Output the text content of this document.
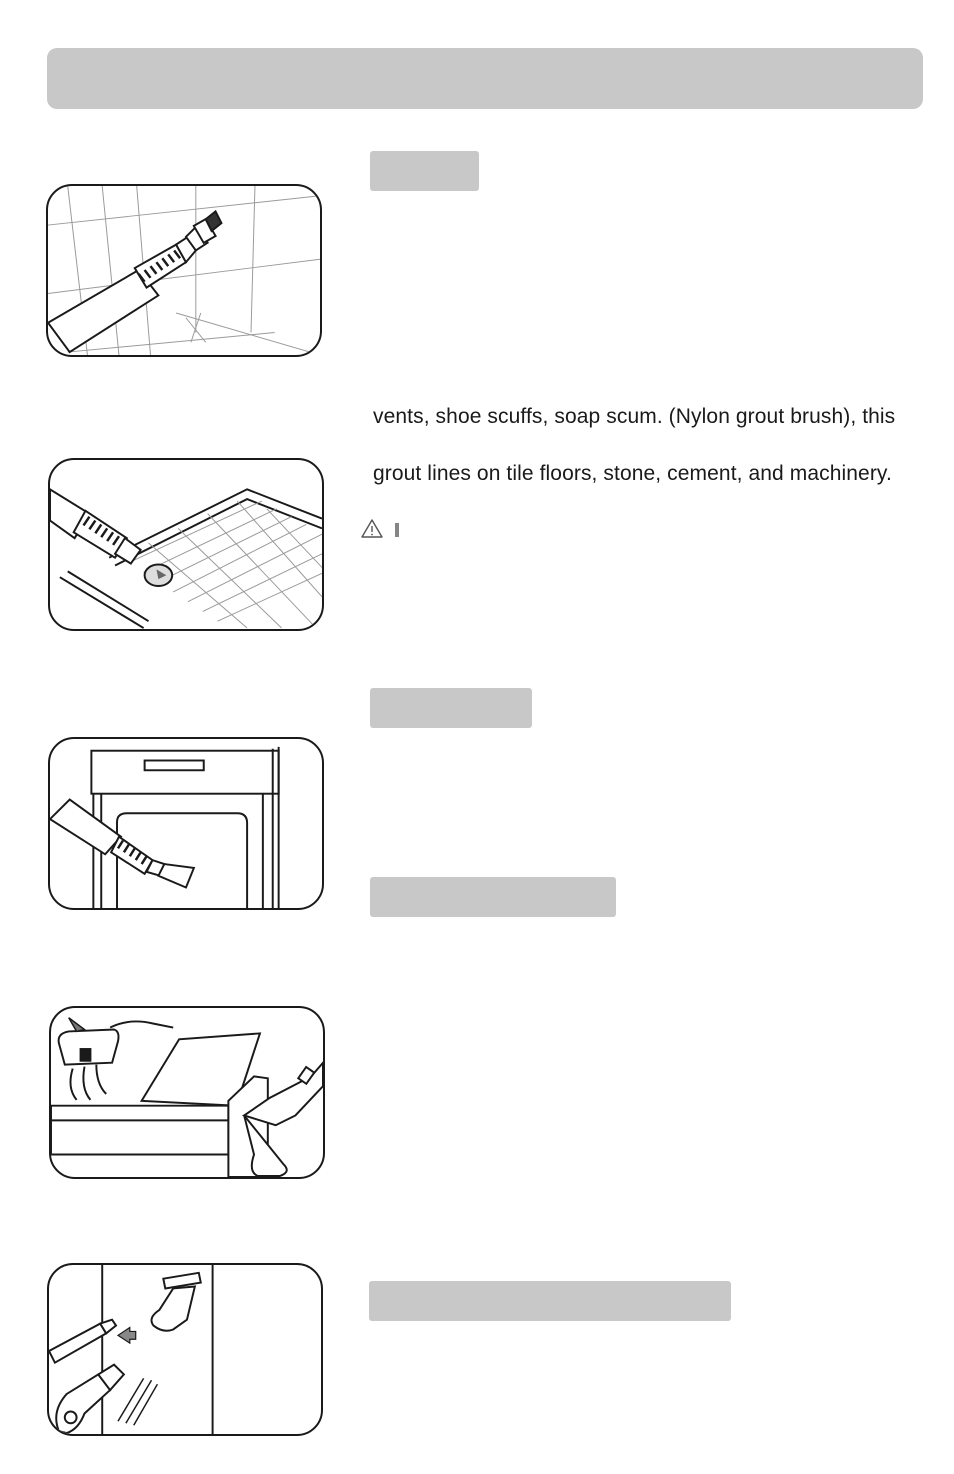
vents, shoe scuffs, soap scum. (Nylon grout brush), this
grout lines on tile floors, stone, cement, and machinery.
